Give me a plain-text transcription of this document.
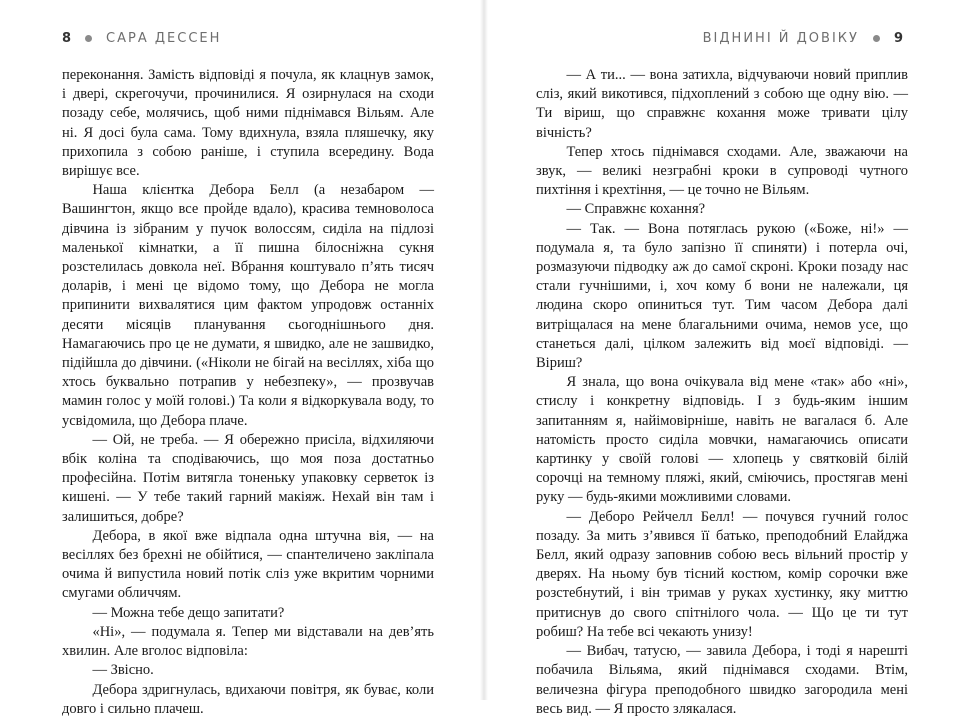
8	САРА ДЕССЕН	ВІДНИНІ Й ДОВІКУ	9

переконання. Замість відповіді я почула, як клацнув замок, і двері, скрегочучи, прочинилися. Я озирнулася на сходи позаду себе, молячись, щоб ними піднімався Вільям. Але ні. Я досі була сама. Тому вдихнула, взяла пляшечку, яку прихопила з собою раніше, і ступила всередину. Вода вирішує все.

Наша клієнтка Дебора Белл (а незабаром — Вашингтон, якщо все пройде вдало), красива темноволоса дівчина із зібраним у пучок волоссям, сиділа на підлозі маленької кімнатки, а її пишна білосніжна сукня розстелилась довкола неї. Вбрання коштувало п’ять тисяч доларів, і мені це відомо тому, що Дебора не могла припинити вихвалятися цим фактом упродовж останніх десяти місяців планування сьогоднішнього дня. Намагаючись про це не думати, я швидко, але не зашвидко, підійшла до дівчини. («Ніколи не бігай на весіллях, хіба що хтось буквально потрапив у небезпеку», — прозвучав мамин голос у моїй голові.) Та коли я відкоркувала воду, то усвідомила, що Дебора плаче.

— Ой, не треба. — Я обережно присіла, відхиляючи вбік коліна та сподіваючись, що моя поза достатньо професійна. Потім витягла тоненьку упаковку серветок із кишені. — У тебе такий гарний макіяж. Нехай він там і залишиться, добре?

Дебора, в якої вже відпала одна штучна вія, — на весіллях без брехні не обійтися, — спантеличено закліпала очима й випустила новий потік сліз уже вкритим чорними смугами обличчям.

— Можна тебе дещо запитати?

«Ні», — подумала я. Тепер ми відставали на дев’ять хвилин. Але вголос відповіла:

— Звісно.

Дебора здригнулась, вдихаючи повітря, як буває, коли довго і сильно плачеш.

— А ти... — вона затихла, відчуваючи новий приплив сліз, який викотився, підхоплений з собою ще одну вію. — Ти віриш, що справжнє кохання може тривати цілу вічність?

Тепер хтось піднімався сходами. Але, зважаючи на звук, — великі незграбні кроки в супроводі чутного пихтіння і крехтіння, — це точно не Вільям.

— Справжнє кохання?

— Так. — Вона потяглась рукою («Боже, ні!» — подумала я, та було запізно її спиняти) і потерла очі, розмазуючи підводку аж до самої скроні. Кроки позаду нас стали гучнішими, і, хоч кому б вони не належали, ця людина скоро опиниться тут. Тим часом Дебора далі витріщалася на мене благальними очима, немов усе, що станеться далі, цілком залежить від моєї відповіді. — Віриш?

Я знала, що вона очікувала від мене «так» або «ні», стислу і конкретну відповідь. І з будь-яким іншим запитанням я, найімовірніше, навіть не вагалася б. Але натомість просто сиділа мовчки, намагаючись описати картинку у своїй голові — хлопець у святковій білій сорочці на темному пляжі, який, сміючись, простягав мені руку — будь-якими можливими словами.

— Деборо Рейчелл Белл! — почувся гучний голос позаду. За мить з’явився її батько, преподобний Елайджа Белл, який одразу заповнив собою весь вільний простір у дверях. На ньому був тісний костюм, комір сорочки вже розстебнутий, і він тримав у руках хустинку, яку миттю притиснув до свого спітнілого чола. — Що це ти тут робиш? На тебе всі чекають унизу!

— Вибач, татусю, — завила Дебора, і тоді я нарешті побачила Вільяма, який піднімався сходами. Втім, величезна фігура преподобного швидко загородила мені весь вид. — Я просто злякалася.
